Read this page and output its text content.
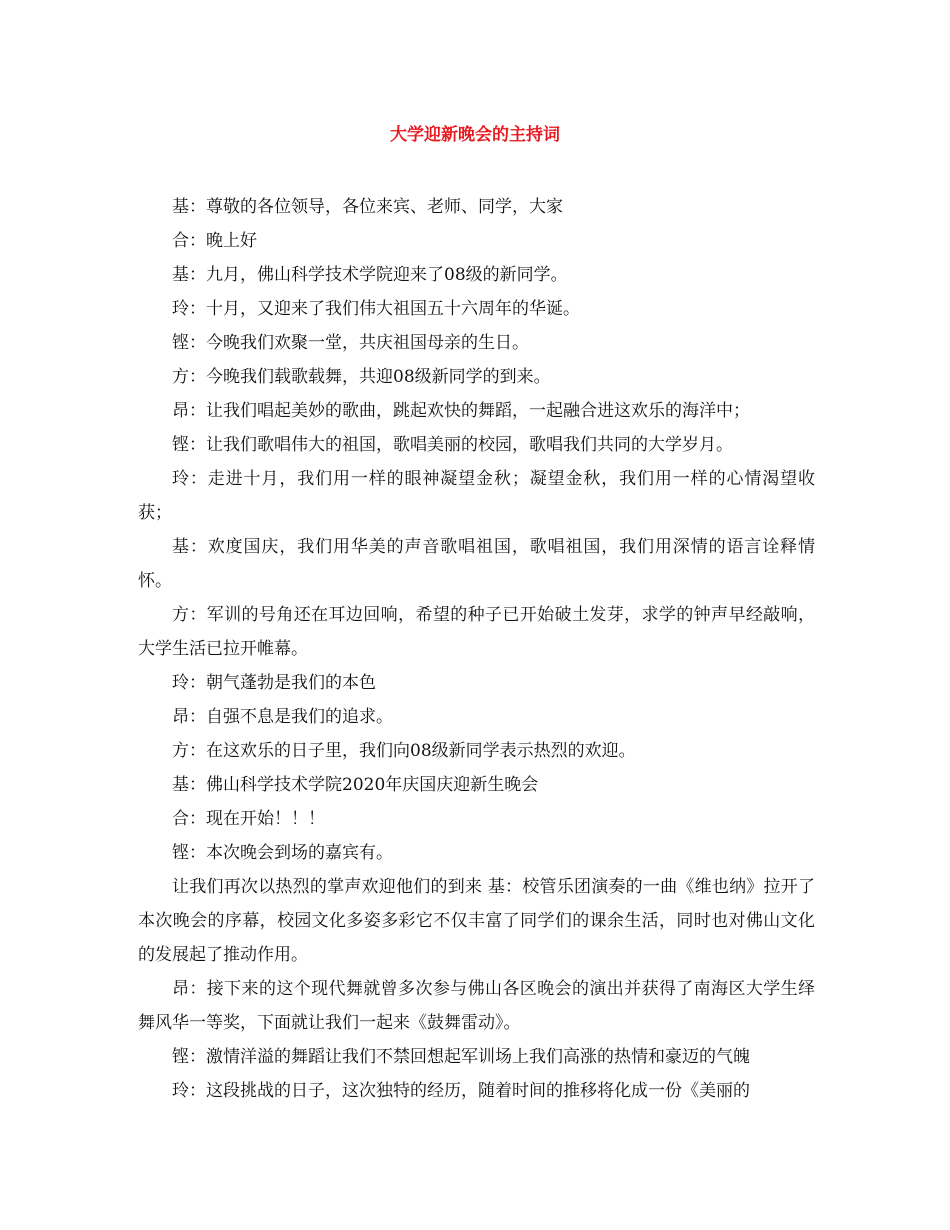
大学迎新晚会的主持词

基：尊敬的各位领导，各位来宾、老师、同学，大家

合：晚上好

基：九月，佛山科学技术学院迎来了08级的新同学。

玲：十月，又迎来了我们伟大祖国五十六周年的华诞。

铿：今晚我们欢聚一堂，共庆祖国母亲的生日。

方：今晚我们载歌载舞，共迎08级新同学的到来。

昂：让我们唱起美妙的歌曲，跳起欢快的舞蹈，一起融合进这欢乐的海洋中；

铿：让我们歌唱伟大的祖国，歌唱美丽的校园，歌唱我们共同的大学岁月。

玲：走进十月，我们用一样的眼神凝望金秋；凝望金秋，我们用一样的心情渴望收获；

基：欢度国庆，我们用华美的声音歌唱祖国，歌唱祖国，我们用深情的语言诠释情怀。

方：军训的号角还在耳边回响，希望的种子已开始破土发芽，求学的钟声早经敲响，大学生活已拉开帷幕。

玲：朝气蓬勃是我们的本色

昂：自强不息是我们的追求。

方：在这欢乐的日子里，我们向08级新同学表示热烈的欢迎。

基：佛山科学技术学院2020年庆国庆迎新生晚会

合：现在开始！！！

铿：本次晚会到场的嘉宾有。

让我们再次以热烈的掌声欢迎他们的到来 基：校管乐团演奏的一曲《维也纳》拉开了本次晚会的序幕，校园文化多姿多彩它不仅丰富了同学们的课余生活，同时也对佛山文化的发展起了推动作用。

昂：接下来的这个现代舞就曾多次参与佛山各区晚会的演出并获得了南海区大学生绎舞风华一等奖，下面就让我们一起来《鼓舞雷动》。

铿：激情洋溢的舞蹈让我们不禁回想起军训场上我们高涨的热情和豪迈的气魄

玲：这段挑战的日子，这次独特的经历，随着时间的推移将化成一份《美丽的
